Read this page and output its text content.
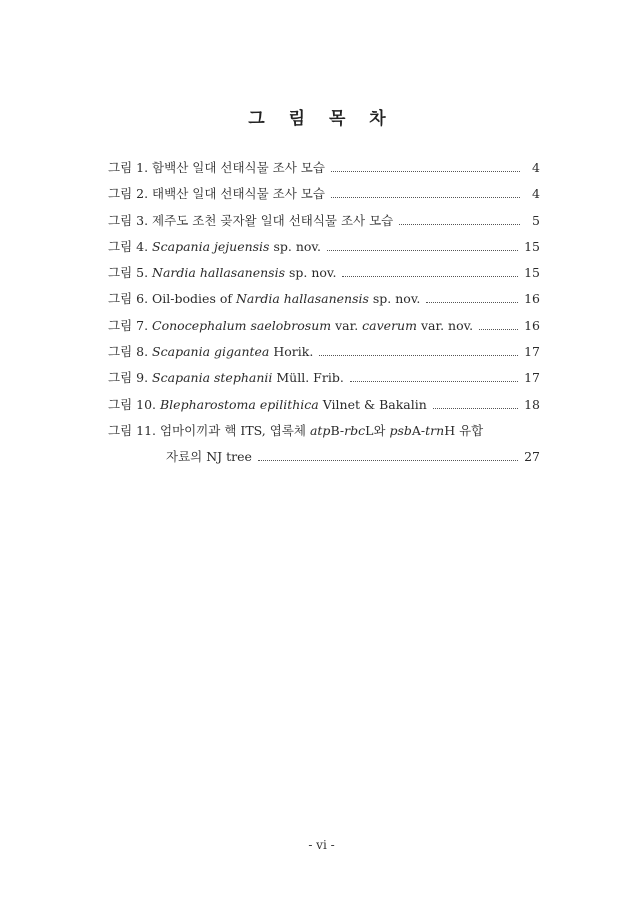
그 림 목 차
그림 1. 함백산 일대 선태식물 조사 모습	4
그림 2. 태백산 일대 선태식물 조사 모습	4
그림 3. 제주도 조천 곶자왈 일대 선태식물 조사 모습	5
그림 4. Scapania jejuensis sp. nov.	15
그림 5. Nardia hallasanensis sp. nov.	15
그림 6. Oil-bodies of Nardia hallasanensis sp. nov.	16
그림 7. Conocephalum saelobrosum var. caverum var. nov.	16
그림 8. Scapania gigantea Horik.	17
그림 9. Scapania stephanii Müll. Frib.	17
그림 10. Blepharostoma epilithica Vilnet & Bakalin	18
그림 11. 엄마이끼과 핵 ITS, 엽록체 atpB-rbcL와 psbA-trnH 유합
자료의 NJ tree	27
- vi -
